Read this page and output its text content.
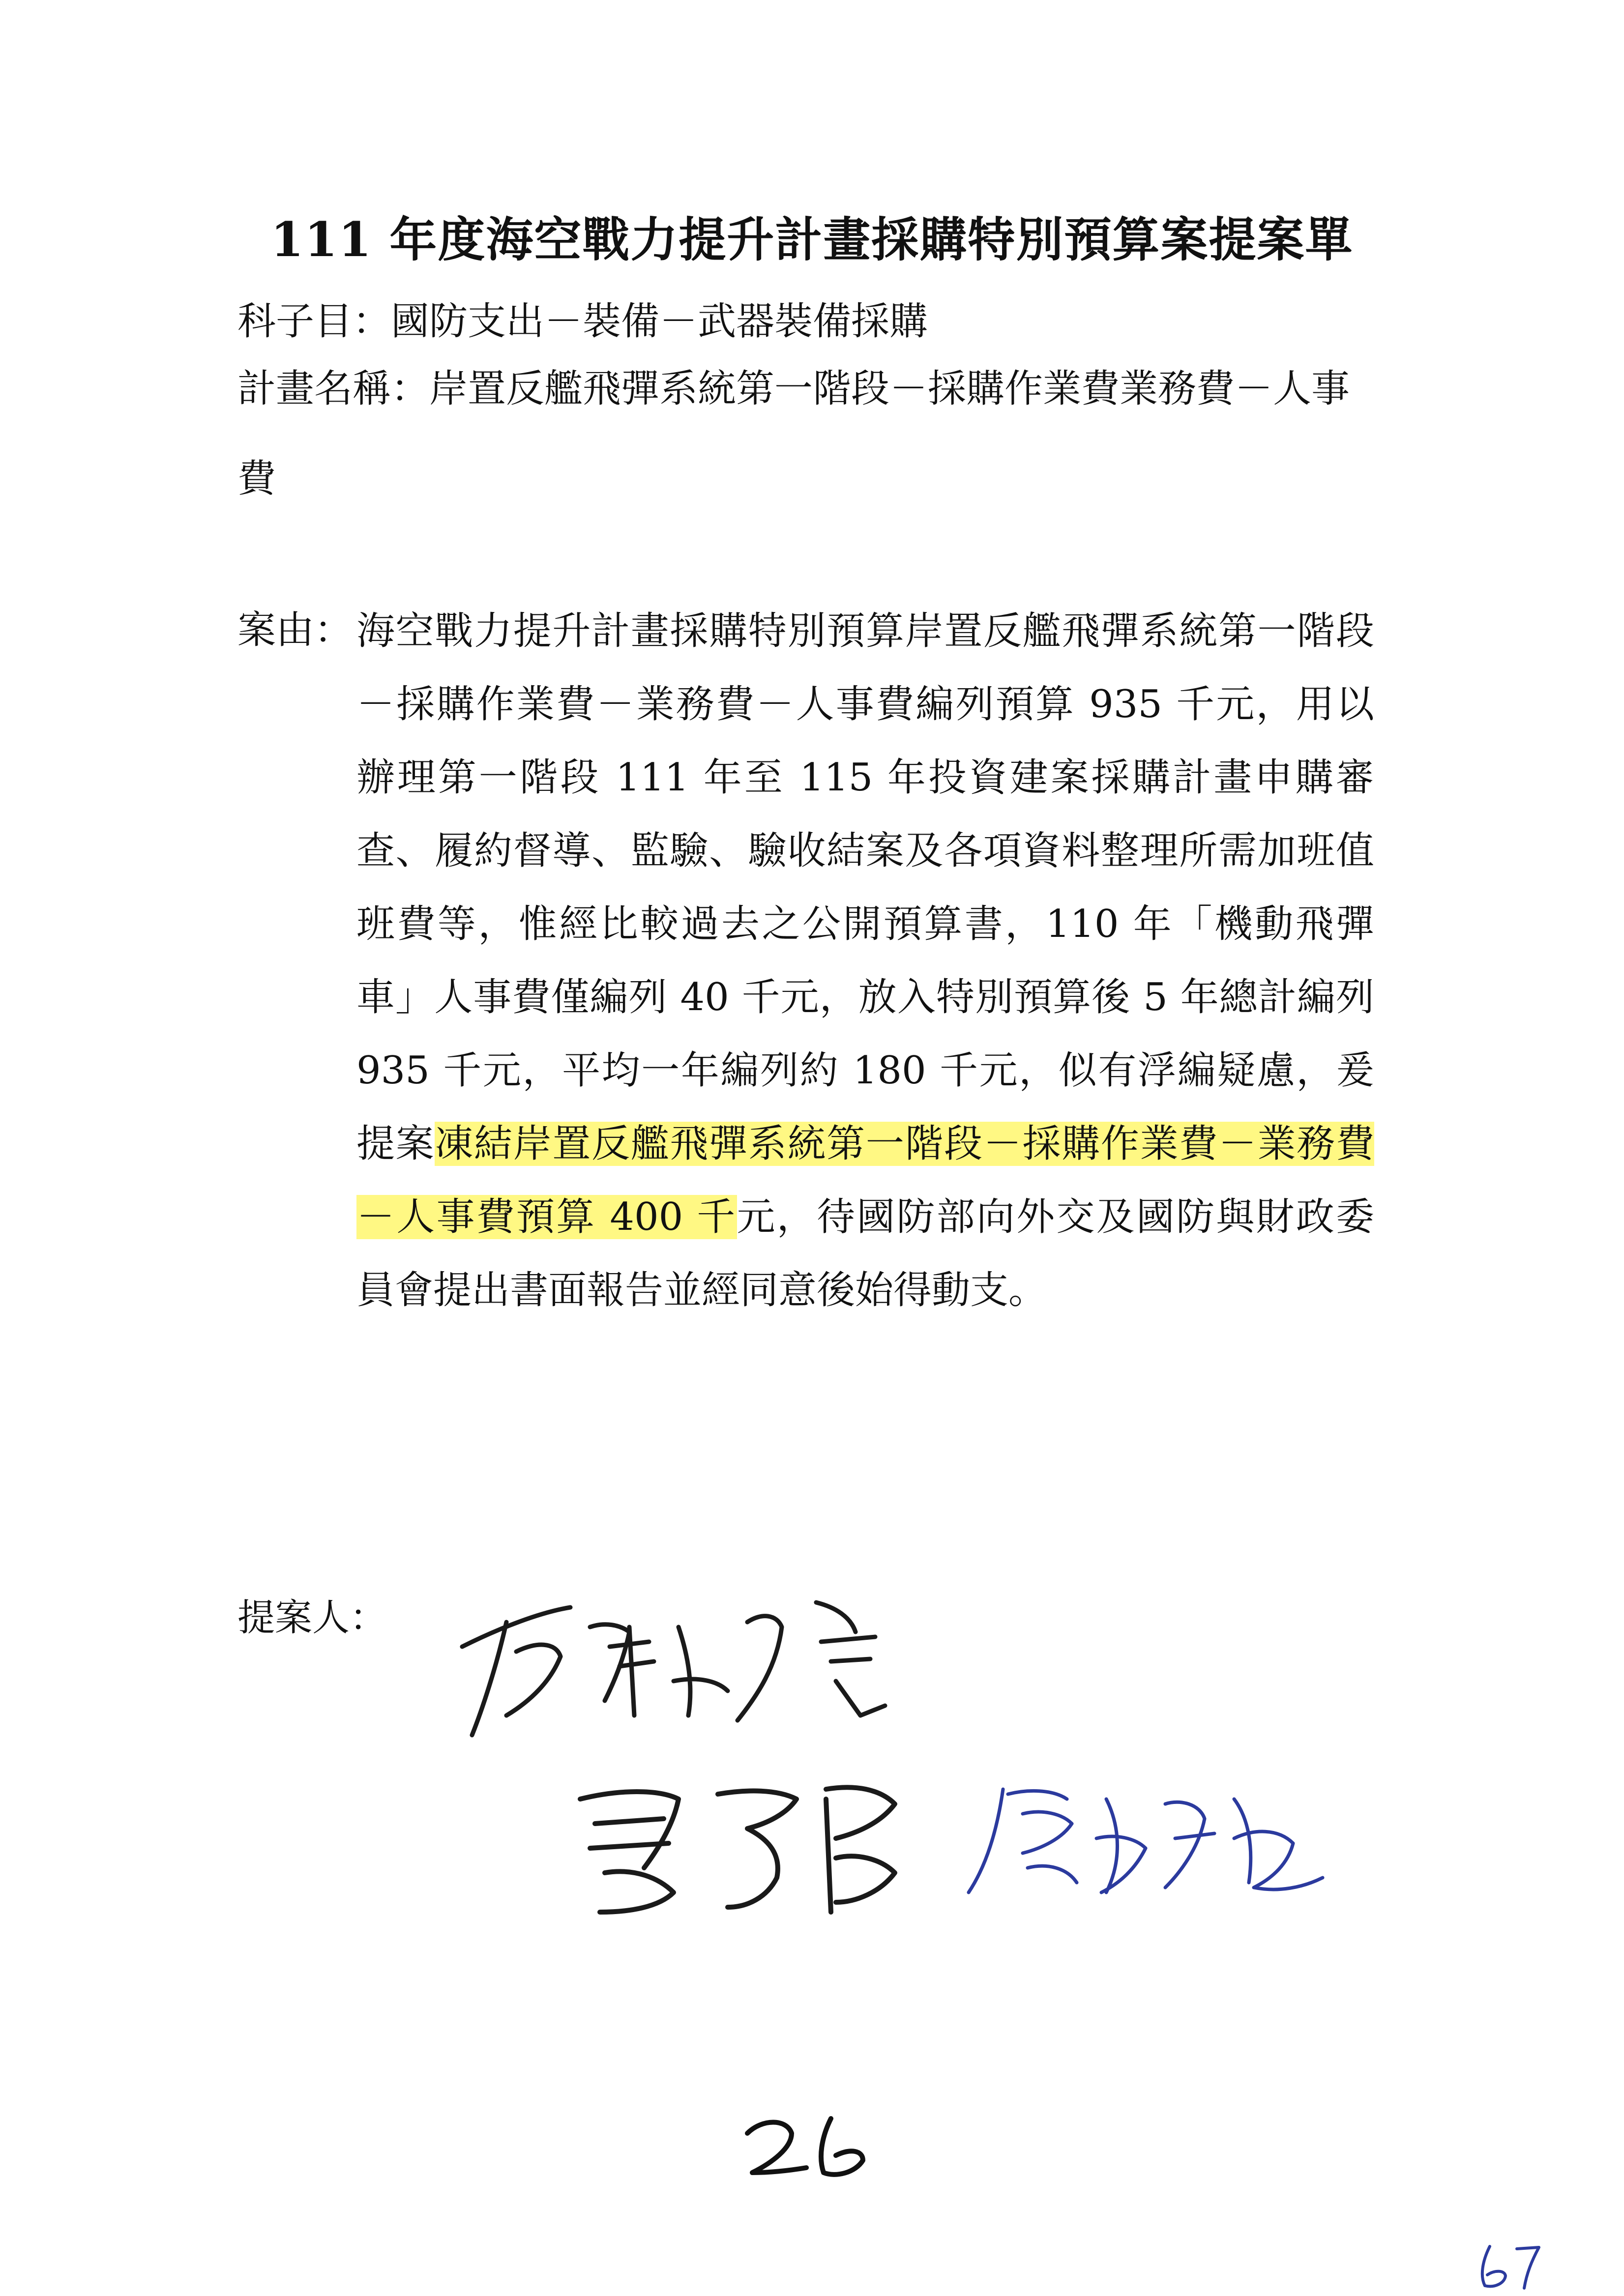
111 年度海空戰力提升計畫採購特別預算案提案單
科子目：國防支出－裝備－武器裝備採購
計畫名稱：岸置反艦飛彈系統第一階段－採購作業費業務費－人事
費
案由： 海空戰力提升計畫採購特別預算岸置反艦飛彈系統第一階段－採購作業費－業務費－人事費編列預算 935 千元，用以辦理第一階段 111 年至 115 年投資建案採購計畫申購審查、履約督導、監驗、驗收結案及各項資料整理所需加班值班費等，惟經比較過去之公開預算書，110 年「機動飛彈車」人事費僅編列 40 千元，放入特別預算後 5 年總計編列 935 千元，平均一年編列約 180 千元，似有浮編疑慮，爰提案凍結岸置反艦飛彈系統第一階段－採購作業費－業務費－人事費預算 400 千元，待國防部向外交及國防與財政委員會提出書面報告並經同意後始得動支。
提案人：
